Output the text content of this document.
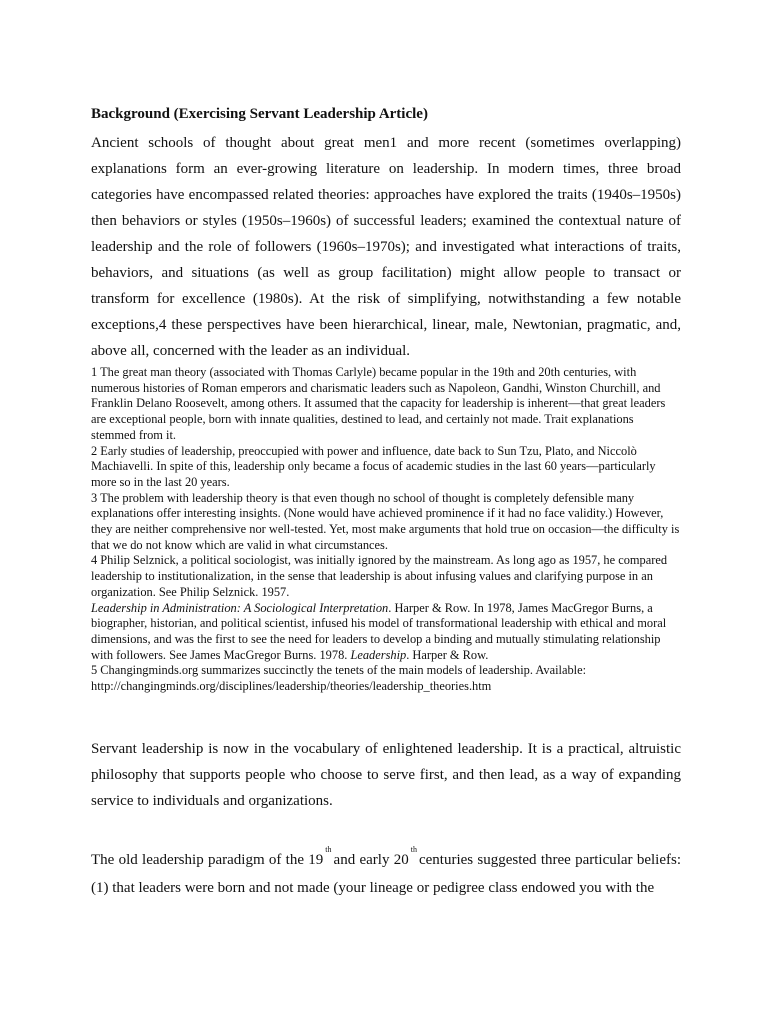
Background (Exercising Servant Leadership Article)
Ancient schools of thought about great men1 and more recent (sometimes overlapping) explanations form an ever-growing literature on leadership. In modern times, three broad categories have encompassed related theories: approaches have explored the traits (1940s–1950s) then behaviors or styles (1950s–1960s) of successful leaders; examined the contextual nature of leadership and the role of followers (1960s–1970s); and investigated what interactions of traits, behaviors, and situations (as well as group facilitation) might allow people to transact or transform for excellence (1980s). At the risk of simplifying, notwithstanding a few notable exceptions,4 these perspectives have been hierarchical, linear, male, Newtonian, pragmatic, and, above all, concerned with the leader as an individual.

1 The great man theory (associated with Thomas Carlyle) became popular in the 19th and 20th centuries, with numerous histories of Roman emperors and charismatic leaders such as Napoleon, Gandhi, Winston Churchill, and Franklin Delano Roosevelt, among others. It assumed that the capacity for leadership is inherent—that great leaders are exceptional people, born with innate qualities, destined to lead, and certainly not made. Trait explanations stemmed from it.

2 Early studies of leadership, preoccupied with power and influence, date back to Sun Tzu, Plato, and Niccolò Machiavelli. In spite of this, leadership only became a focus of academic studies in the last 60 years—particularly more so in the last 20 years.

3 The problem with leadership theory is that even though no school of thought is completely defensible many explanations offer interesting insights. (None would have achieved prominence if it had no face validity.) However, they are neither comprehensive nor well-tested. Yet, most make arguments that hold true on occasion—the difficulty is that we do not know which are valid in what circumstances.

4 Philip Selznick, a political sociologist, was initially ignored by the mainstream. As long ago as 1957, he compared leadership to institutionalization, in the sense that leadership is about infusing values and clarifying purpose in an organization. See Philip Selznick. 1957.
Leadership in Administration: A Sociological Interpretation. Harper & Row. In 1978, James MacGregor Burns, a biographer, historian, and political scientist, infused his model of transformational leadership with ethical and moral dimensions, and was the first to see the need for leaders to develop a binding and mutually stimulating relationship with followers. See James MacGregor Burns. 1978. Leadership. Harper & Row.

5 Changingminds.org summarizes succinctly the tenets of the main models of leadership. Available: http://changingminds.org/disciplines/leadership/theories/leadership_theories.htm

Servant leadership is now in the vocabulary of enlightened leadership. It is a practical, altruistic philosophy that supports people who choose to serve first, and then lead, as a way of expanding service to individuals and organizations.
The old leadership paradigm of the 19thand early 20thcenturies suggested three particular beliefs: (1) that leaders were born and not made (your lineage or pedigree class endowed you with the
